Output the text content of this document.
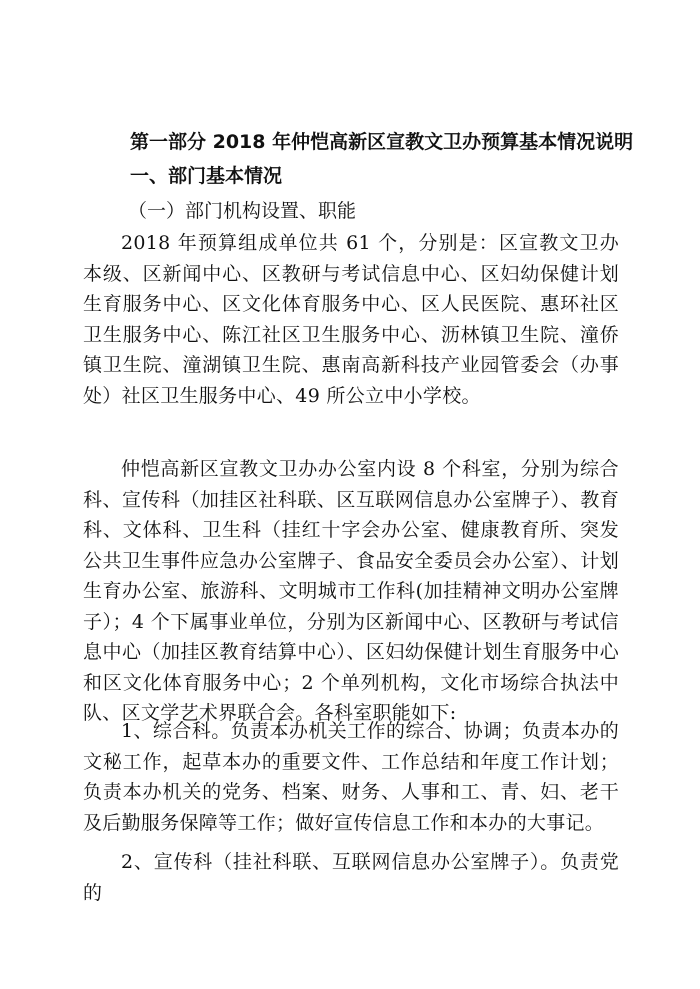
第一部分 2018 年仲恺高新区宣教文卫办预算基本情况说明
一、部门基本情况
（一）部门机构设置、职能

2018 年预算组成单位共 61 个，分别是：区宣教文卫办本级、区新闻中心、区教研与考试信息中心、区妇幼保健计划生育服务中心、区文化体育服务中心、区人民医院、惠环社区卫生服务中心、陈江社区卫生服务中心、沥林镇卫生院、潼侨镇卫生院、潼湖镇卫生院、惠南高新科技产业园管委会（办事处）社区卫生服务中心、49 所公立中小学校。

仲恺高新区宣教文卫办办公室内设 8 个科室，分别为综合科、宣传科（加挂区社科联、区互联网信息办公室牌子）、教育科、文体科、卫生科（挂红十字会办公室、健康教育所、突发公共卫生事件应急办公室牌子、食品安全委员会办公室）、计划生育办公室、旅游科、文明城市工作科(加挂精神文明办公室牌子）；4 个下属事业单位，分别为区新闻中心、区教研与考试信息中心（加挂区教育结算中心）、区妇幼保健计划生育服务中心和区文化体育服务中心；2 个单列机构，文化市场综合执法中队、区文学艺术界联合会。各科室职能如下:

1、综合科。负责本办机关工作的综合、协调；负责本办的文秘工作，起草本办的重要文件、工作总结和年度工作计划；负责本办机关的党务、档案、财务、人事和工、青、妇、老干及后勤服务保障等工作；做好宣传信息工作和本办的大事记。

2、宣传科（挂社科联、互联网信息办公室牌子）。负责党的
